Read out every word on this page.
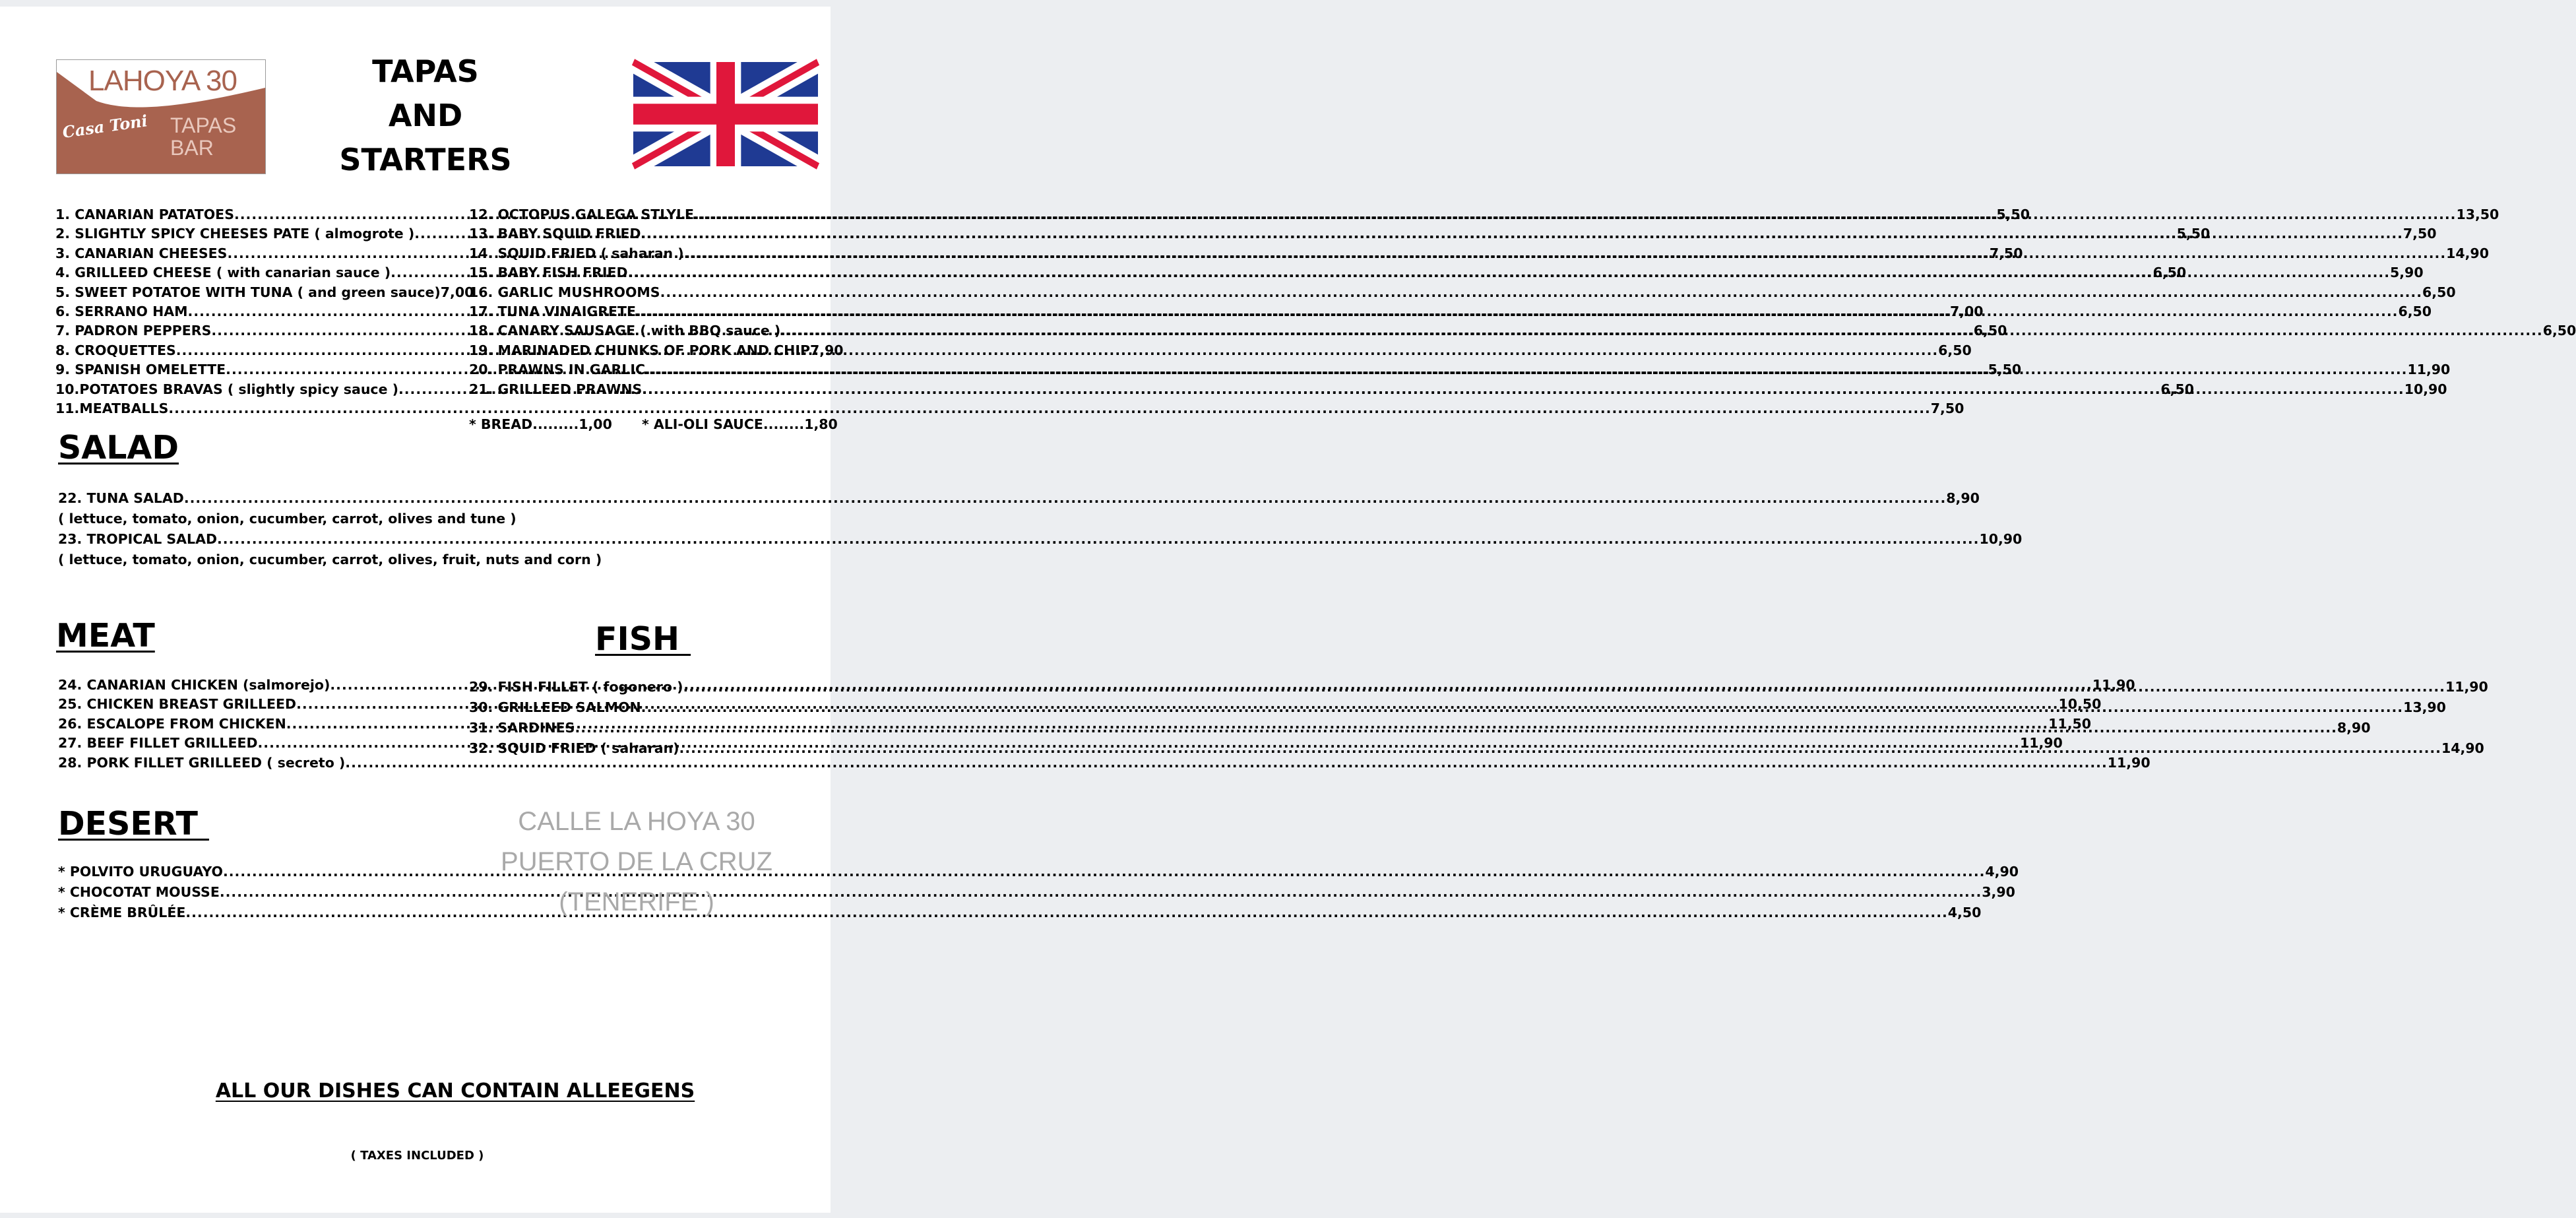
LAHOYA 30
Casa Toni TAPAS
BAR
TAPAS
AND
STARTERS
1. CANARIAN PATATOES .....	5,50
2. SLIGHTLY SPICY CHEESES PATE ( almogrote ) .....	5,50
3. CANARIAN CHEESES .....	7,50
4. GRILLEED CHEESE ( with canarian sauce ) .....	6,50
5. SWEET POTATOE WITH TUNA ( and green sauce) 7,00
6. SERRANO HAM .....	7,00
7. PADRON PEPPERS .....	6,50
8. CROQUETTES .....	6,50
9. SPANISH OMELETTE .....	5,50
10.POTATOES BRAVAS ( slightly spicy sauce ) .....	6,50
11.MEATBALLS .....	7,50
12. OCTOPUS GALEGA STLYLE .....	13,50
13. BABY SQUID FRIED .....	7,50
14. SQUID FRIED ( saharan ) .....	14,90
15. BABY FISH FRIED .....	5,90
16. GARLIC MUSHROOMS .....	6,50
17. TUNA VINAIGRETE .....	6,50
18. CANARY SAUSAGE ( with BBQ sauce ) .....	6,50
19. MARINADED CHUNKS OF PORK AND CHIP 7,90
20. PRAWNS IN GARLIC .....	11,90
21. GRILLEED PRAWNS .....	10,90
* BREAD.........1,00 * ALI-OLI SAUCE........1,80
SALAD
22. TUNA SALAD .....	8,90
( lettuce, tomato, onion, cucumber, carrot, olives and tune )
23. TROPICAL SALAD .....	10,90
( lettuce, tomato, onion, cucumber, carrot, olives, fruit, nuts and corn )
MEAT
24. CANARIAN CHICKEN (salmorejo) .....	11,90
25. CHICKEN BREAST GRILLEED .....	10,50
26. ESCALOPE FROM CHICKEN .....	11,50
27. BEEF FILLET GRILLEED .....	11,90
28. PORK FILLET GRILLEED ( secreto ) .....	11,90
FISH
29. FISH FILLET ( fogonero ) .....	11,90
30. GRILLEED SALMON .....	13,90
31. SARDINES .....	8,90
32. SQUID FRIED ( saharan) .....	14,90
DESERT
* POLVITO URUGUAYO .....	4,90
* CHOCOTAT MOUSSE .....	3,90
* CRÈME BRÛLÉE .....	4,50
CALLE LA HOYA 30
PUERTO DE LA CRUZ
(TENERIFE )
ALL OUR DISHES CAN CONTAIN ALLEEGENS
( TAXES INCLUDED )
